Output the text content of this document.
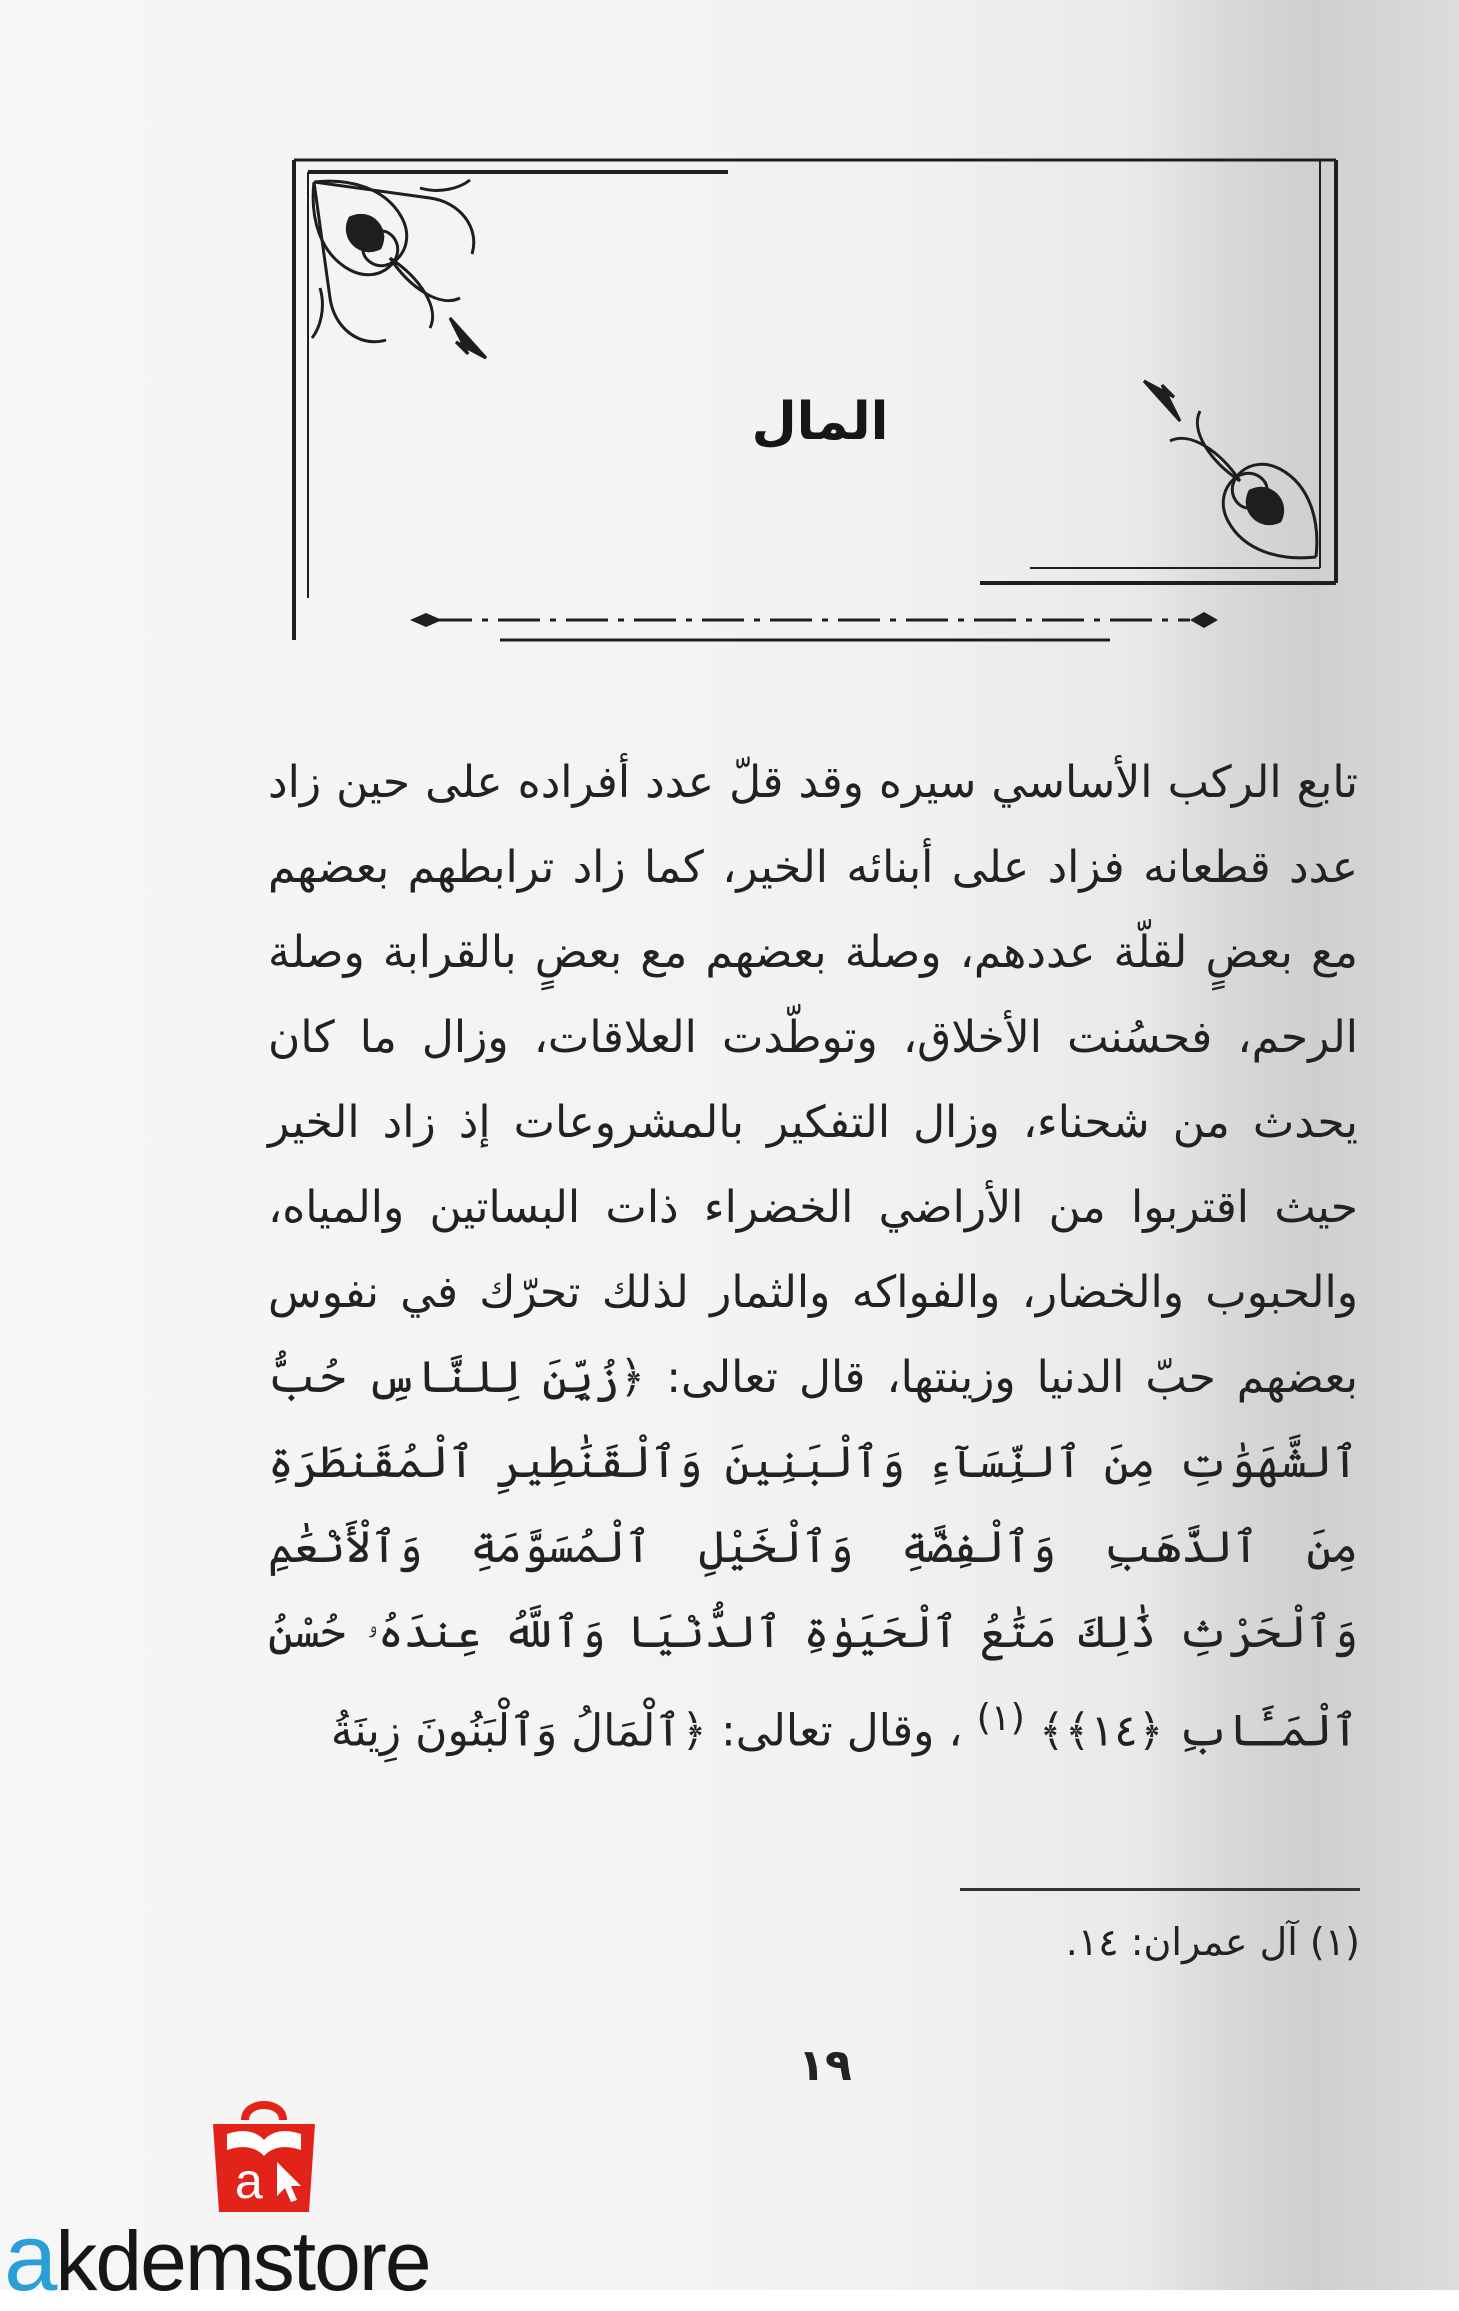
المال
تابع الركب الأساسي سيره وقد قلّ عدد أفراده على حين زاد عدد قطعانه فزاد على أبنائه الخير، كما زاد ترابطهم بعضهم مع بعضٍ لقلّة عددهم، وصلة بعضهم مع بعضٍ بالقرابة وصلة الرحم، فحسُنت الأخلاق، وتوطّدت العلاقات، وزال ما كان يحدث من شحناء، وزال التفكير بالمشروعات إذ زاد الخير حيث اقتربوا من الأراضي الخضراء ذات البساتين والمياه، والحبوب والخضار، والفواكه والثمار لذلك تحرّك في نفوس بعضهم حبّ الدنيا وزينتها، قال تعالى: ﴿زُيِّنَ لِلنَّاسِ حُبُّ ٱلشَّهَوَٰتِ مِنَ ٱلنِّسَآءِ وَٱلْبَنِينَ وَٱلْقَنَٰطِيرِ ٱلْمُقَنطَرَةِ مِنَ ٱلذَّهَبِ وَٱلْفِضَّةِ وَٱلْخَيْلِ ٱلْمُسَوَّمَةِ وَٱلْأَنْعَٰمِ وَٱلْحَرْثِ ذَٰلِكَ مَتَٰعُ ٱلْحَيَوٰةِ ٱلدُّنْيَا وَٱللَّهُ عِندَهُۥ حُسْنُ ٱلْمَـَٔابِ ﴿١٤﴾﴾ $^{(١)}$ ، وقال تعالى: ﴿ٱلْمَالُ وَٱلْبَنُونَ زِينَةُ
(١) آل عمران: ١٤.
١٩
a
akdemstore
